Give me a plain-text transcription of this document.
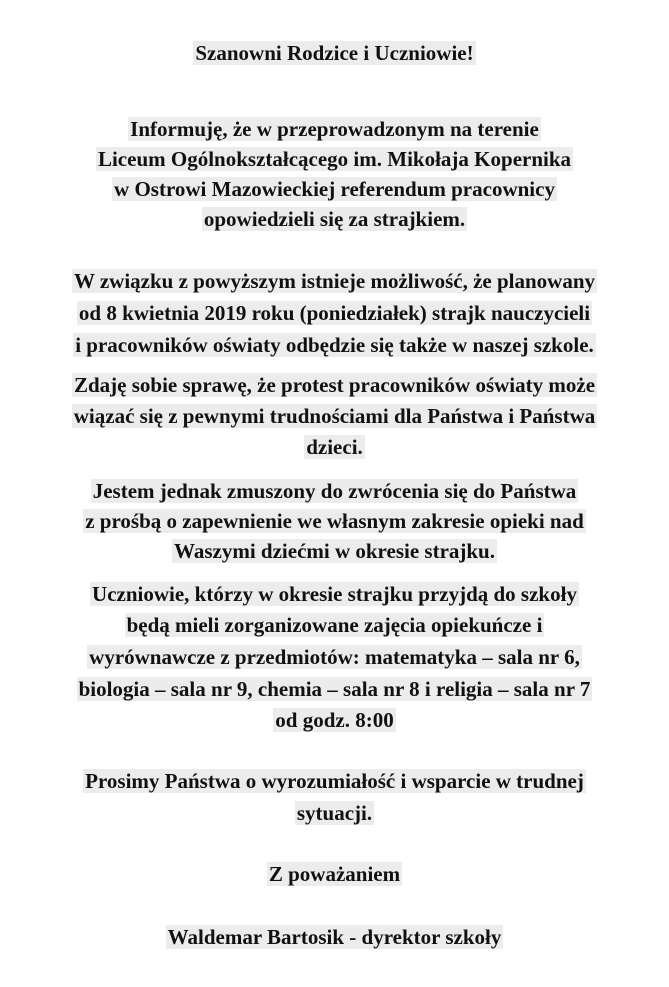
Szanowni Rodzice i Uczniowie!
Informuję, że w przeprowadzonym na terenie
Liceum Ogólnokształcącego im. Mikołaja Kopernika
w Ostrowi Mazowieckiej referendum pracownicy
opowiedzieli się za strajkiem.
W związku z powyższym istnieje możliwość, że planowany
od 8 kwietnia 2019 roku (poniedziałek) strajk nauczycieli
i pracowników oświaty odbędzie się także w naszej szkole.
Zdaję sobie sprawę, że protest pracowników oświaty może
wiązać się z pewnymi trudnościami dla Państwa i Państwa
dzieci.
Jestem jednak zmuszony do zwrócenia się do Państwa
z prośbą o zapewnienie we własnym zakresie opieki nad
Waszymi dziećmi w okresie strajku.
Uczniowie, którzy w okresie strajku przyjdą do szkoły
będą mieli zorganizowane zajęcia opiekuńcze i
wyrównawcze z przedmiotów: matematyka – sala nr 6,
biologia – sala nr 9, chemia – sala nr 8 i religia – sala nr 7
od godz. 8:00
Prosimy Państwa o wyrozumiałość i wsparcie w trudnej
sytuacji.
Z poważaniem
Waldemar Bartosik - dyrektor szkoły
